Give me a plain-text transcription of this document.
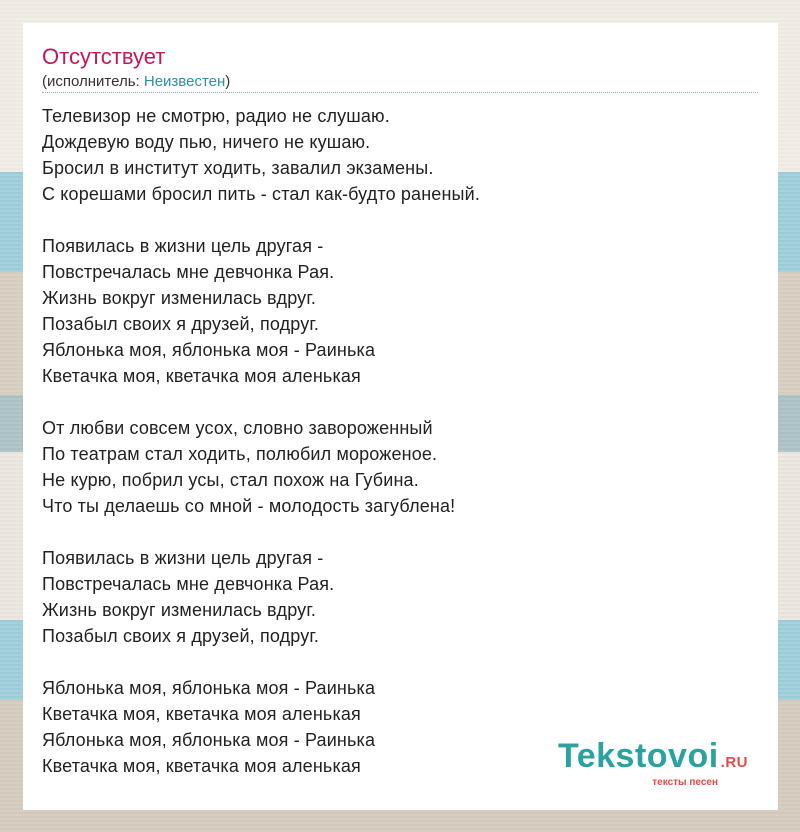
Отсутствует
(исполнитель: Неизвестен)
Телевизор не смотрю, радио не слушаю.
Дождевую воду пью, ничего не кушаю.
Бросил в институт ходить, завалил экзамены.
С корешами бросил пить - стал как-будто раненый.

Появилась в жизни цель другая -
Повстречалась мне девчонка Рая.
Жизнь вокруг изменилась вдруг.
Позабыл своих я друзей, подруг.
Яблонька моя, яблонька моя - Раинька
Кветачка моя, кветачка моя аленькая

От любви совсем усох, словно завороженный
По театрам стал ходить, полюбил мороженое.
Не курю, побрил усы, стал похож на Губина.
Что ты делаешь со мной - молодость загублена!

Появилась в жизни цель другая -
Повстречалась мне девчонка Рая.
Жизнь вокруг изменилась вдруг.
Позабыл своих я друзей, подруг.

Яблонька моя, яблонька моя - Раинька
Кветачка моя, кветачка моя аленькая
Яблонька моя, яблонька моя - Раинька
Кветачка моя, кветачка моя аленькая	Tekstovoi .RU
тексты песен
